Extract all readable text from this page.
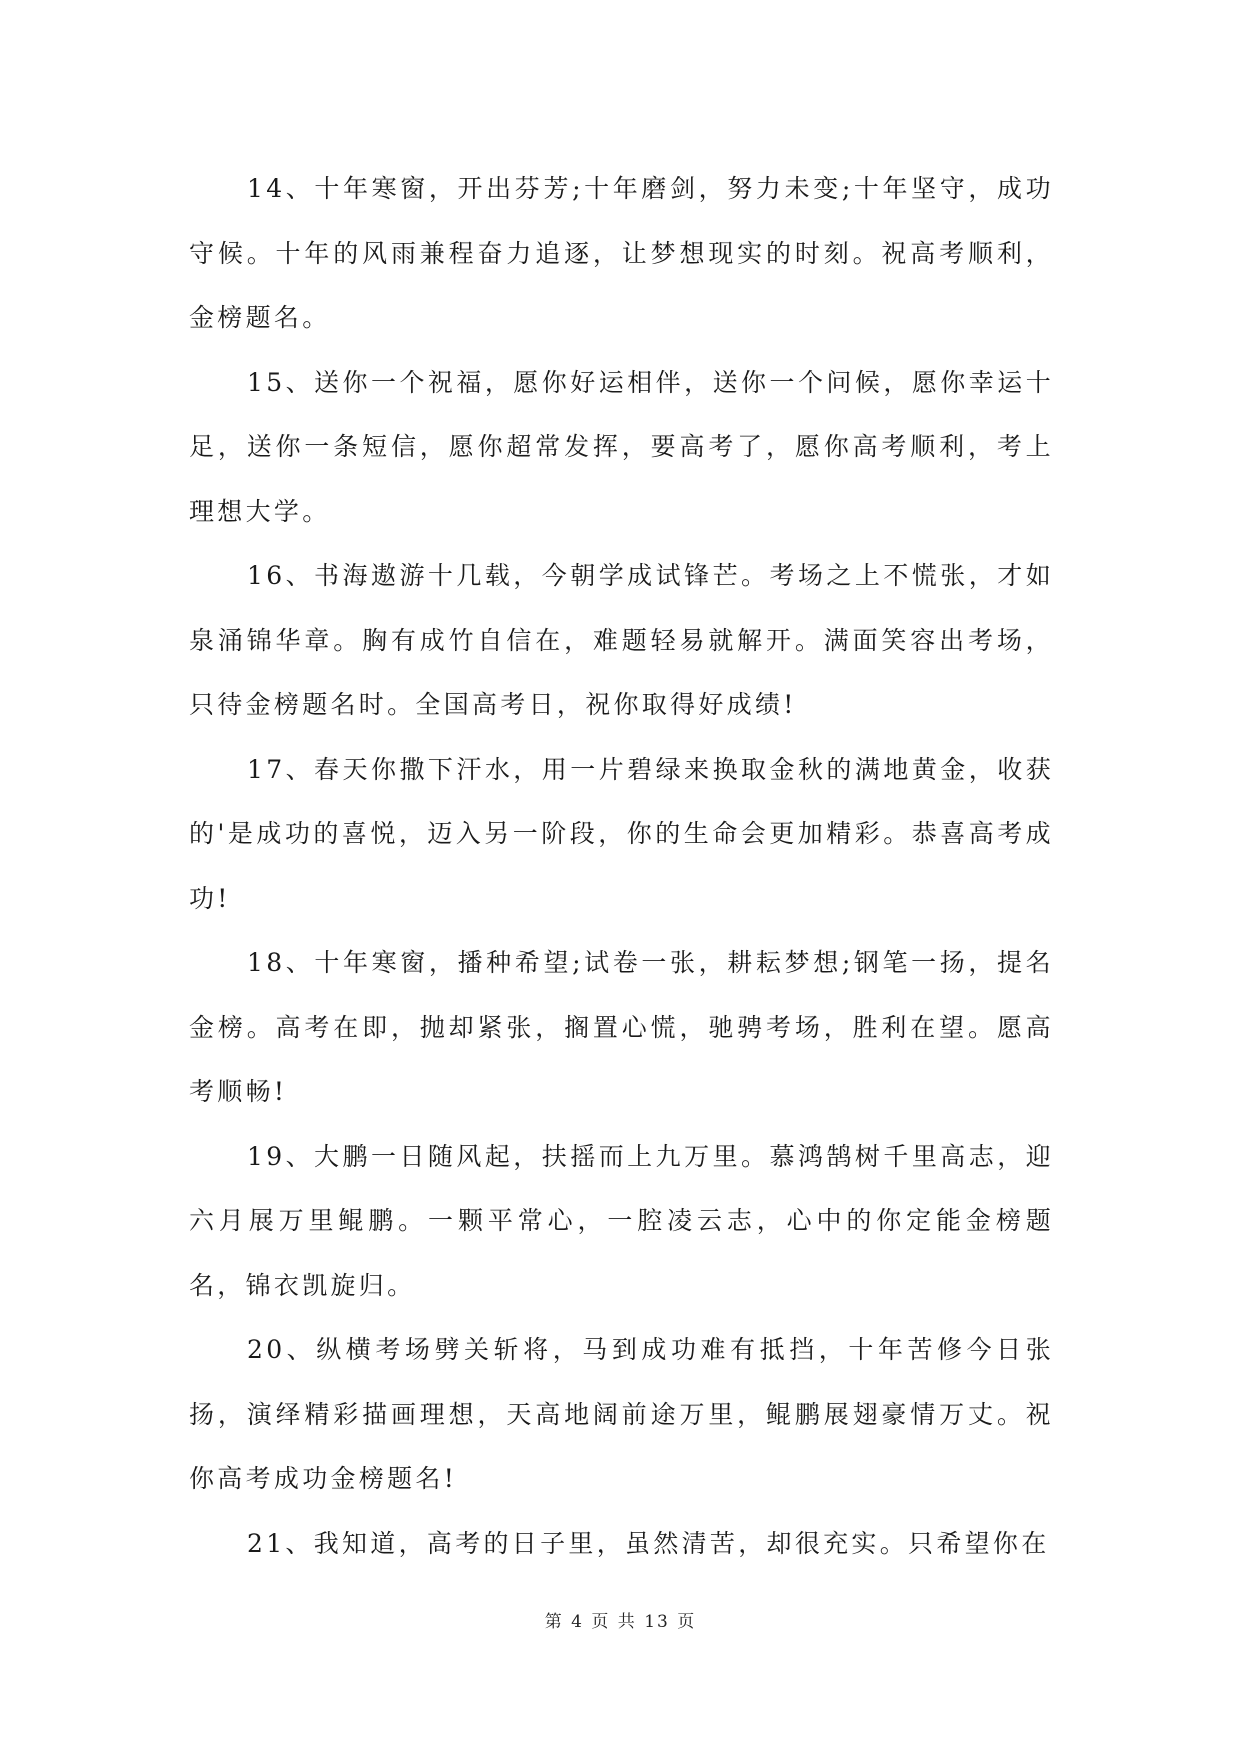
14、十年寒窗，开出芬芳;十年磨剑，努力未变;十年坚守，成功守候。十年的风雨兼程奋力追逐，让梦想现实的时刻。祝高考顺利，金榜题名。

15、送你一个祝福，愿你好运相伴，送你一个问候，愿你幸运十足，送你一条短信，愿你超常发挥，要高考了，愿你高考顺利，考上理想大学。

16、书海遨游十几载，今朝学成试锋芒。考场之上不慌张，才如泉涌锦华章。胸有成竹自信在，难题轻易就解开。满面笑容出考场，只待金榜题名时。全国高考日，祝你取得好成绩!

17、春天你撒下汗水，用一片碧绿来换取金秋的满地黄金，收获的'是成功的喜悦，迈入另一阶段，你的生命会更加精彩。恭喜高考成功!

18、十年寒窗，播种希望;试卷一张，耕耘梦想;钢笔一扬，提名金榜。高考在即，抛却紧张，搁置心慌，驰骋考场，胜利在望。愿高考顺畅!

19、大鹏一日随风起，扶摇而上九万里。慕鸿鹄树千里高志，迎六月展万里鲲鹏。一颗平常心，一腔凌云志，心中的你定能金榜题名，锦衣凯旋归。

20、纵横考场劈关斩将，马到成功难有抵挡，十年苦修今日张扬，演绎精彩描画理想，天高地阔前途万里，鲲鹏展翅豪情万丈。祝你高考成功金榜题名!

21、我知道，高考的日子里，虽然清苦，却很充实。只希望你在

第 4 页 共 13 页
